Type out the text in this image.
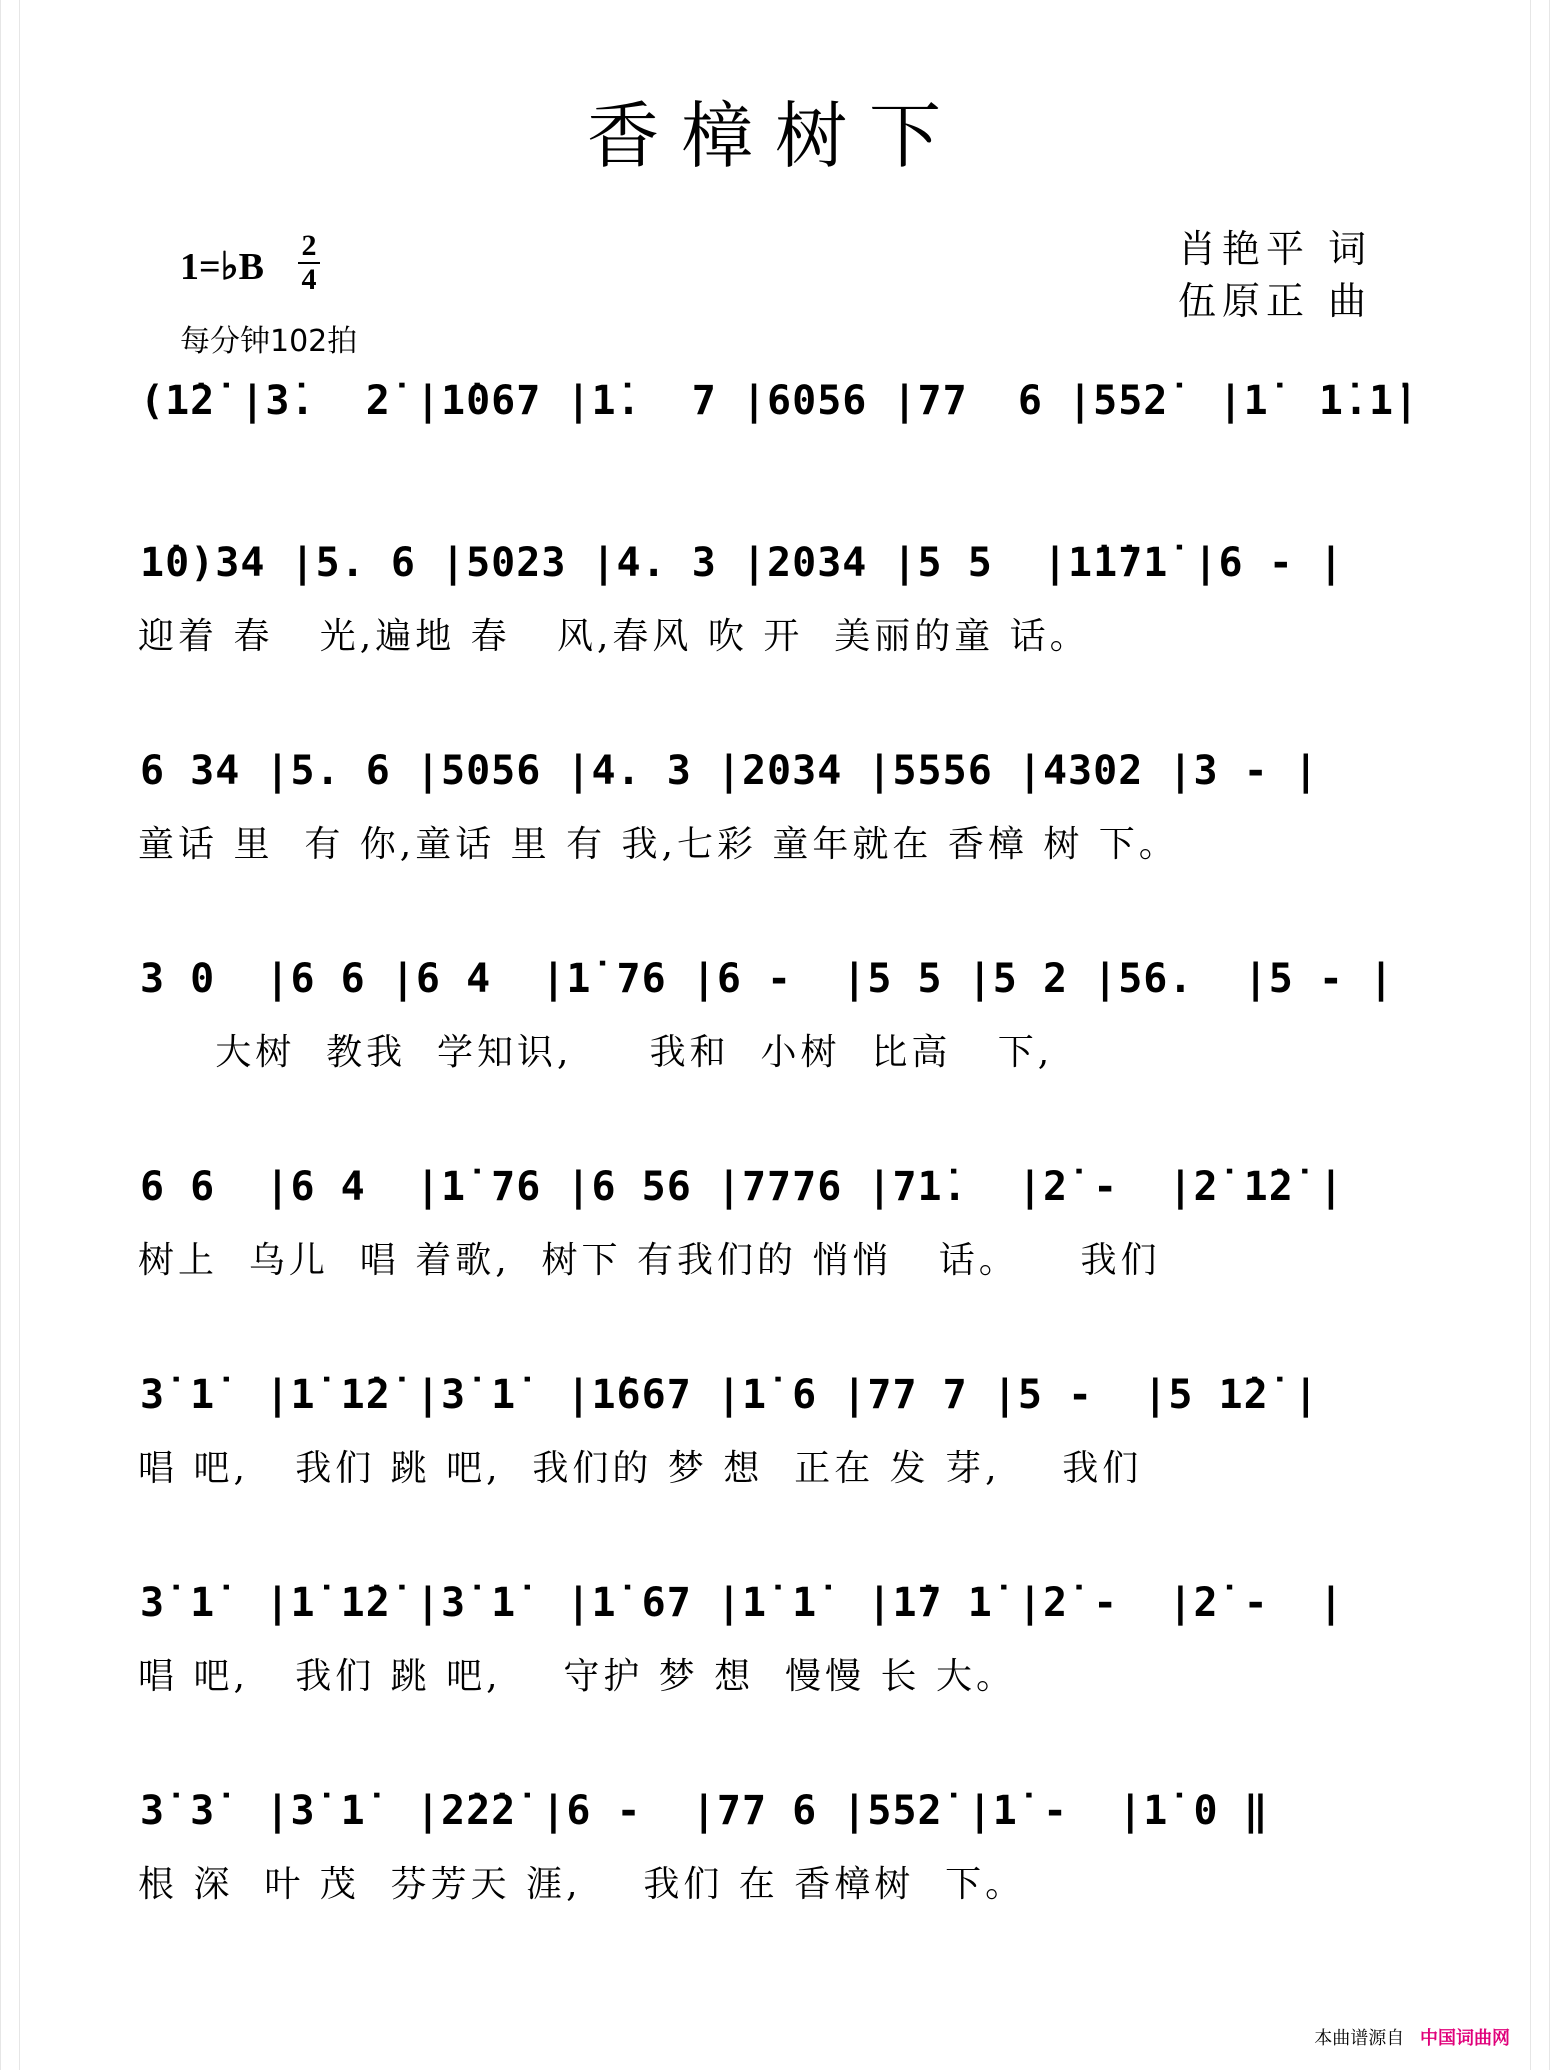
香樟树下
1=♭B
2
4
每分钟102拍
肖艳平 词
伍原正 曲
(1̇2̇ |3̇.  2̇ |1̇067 |1̇.  7 |6056 |77  6 |552̇  |1̇  1̇.1̇|
1̇0)34 |5. 6 |5023 |4. 3 |2034 |5 5  |1̇1̇71̇ |6 - |
迎着 春   光,遍地 春   风,春风 吹 开  美丽的童 话。
6 34 |5. 6 |5056 |4. 3 |2034 |5556 |4302 |3 - |
童话 里  有 你,童话 里 有 我,七彩 童年就在 香樟 树 下。
3 0  |6 6 |6 4  |1̇ 76 |6 -  |5 5 |5 2 |56.  |5 - |
大树  教我  学知识,     我和  小树  比高   下,
6 6  |6 4  |1̇ 76 |6 56 |7776 |71̇.  |2̇ -  |2̇ 1̇2̇ |
树上  乌儿  唱 着歌,  树下 有我们的 悄悄   话。    我们
3̇ 1̇  |1̇ 1̇2̇ |3̇ 1̇  |1̇667 |1̇ 6 |77 7 |5 -  |5 1̇2̇ |
唱 吧,   我们 跳 吧,  我们的 梦 想  正在 发 芽,    我们
3̇ 1̇  |1̇ 1̇2̇ |3̇ 1̇  |1̇ 67 |1̇ 1̇  |1̇7 1̇ |2̇ -  |2̇ -  |
唱 吧,   我们 跳 吧,    守护 梦 想  慢慢 长 大。
3̇ 3̇  |3̇ 1̇  |2̇2̇2̇ |6 -  |77 6 |552̇ |1̇ -  |1̇ 0 ‖
根 深  叶 茂  芬芳天 涯,    我们 在 香樟树  下。
本曲谱源自 中国词曲网
